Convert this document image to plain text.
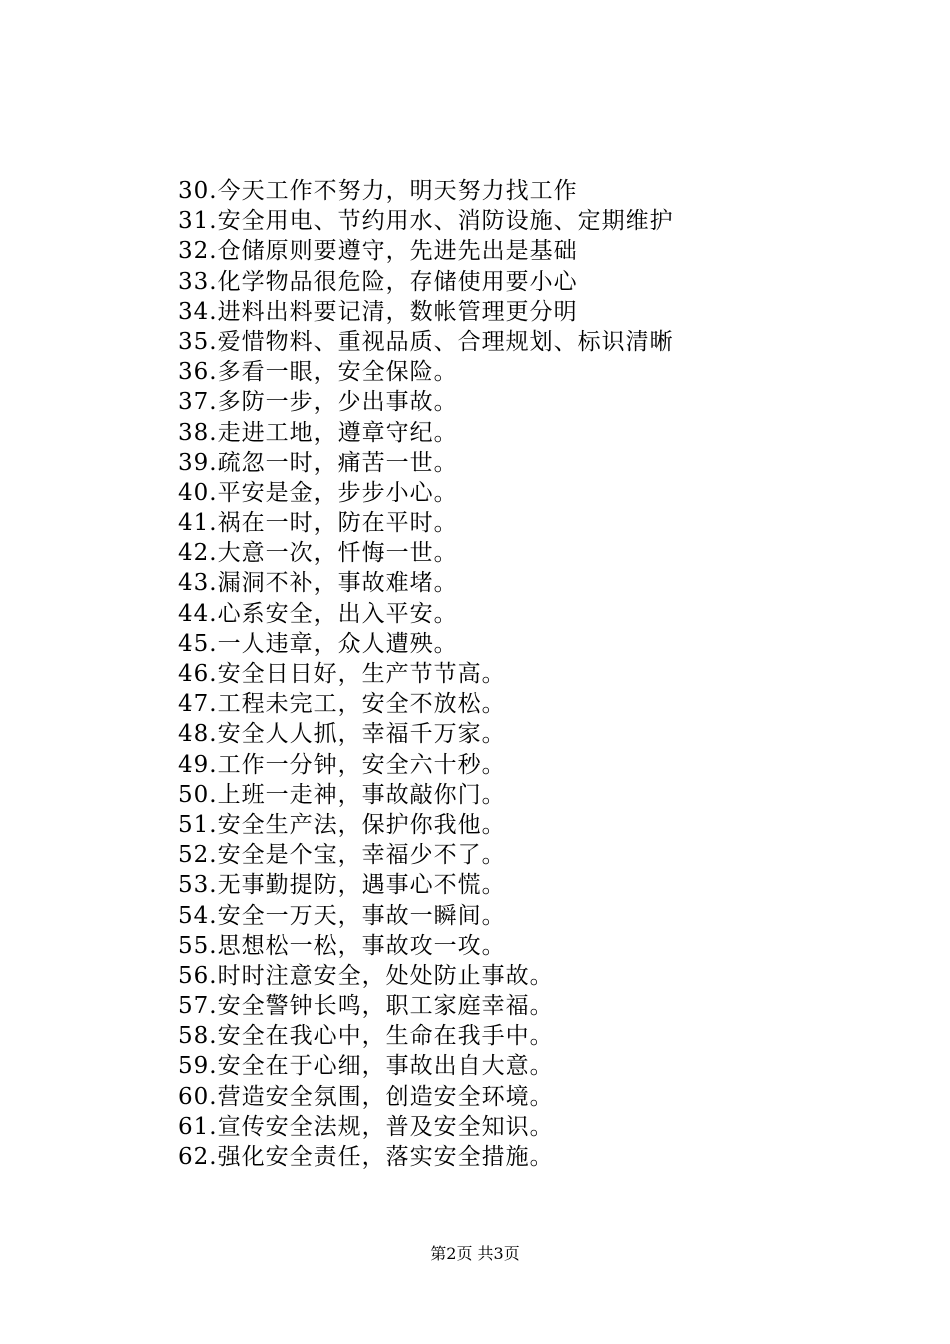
30.今天工作不努力，明天努力找工作
31.安全用电、节约用水、消防设施、定期维护
32.仓储原则要遵守，先进先出是基础
33.化学物品很危险，存储使用要小心
34.进料出料要记清，数帐管理更分明
35.爱惜物料、重视品质、合理规划、标识清晰
36.多看一眼，安全保险。
37.多防一步，少出事故。
38.走进工地，遵章守纪。
39.疏忽一时，痛苦一世。
40.平安是金，步步小心。
41.祸在一时，防在平时。
42.大意一次，忏悔一世。
43.漏洞不补，事故难堵。
44.心系安全，出入平安。
45.一人违章，众人遭殃。
46.安全日日好，生产节节高。
47.工程未完工，安全不放松。
48.安全人人抓，幸福千万家。
49.工作一分钟，安全六十秒。
50.上班一走神，事故敲你门。
51.安全生产法，保护你我他。
52.安全是个宝，幸福少不了。
53.无事勤提防，遇事心不慌。
54.安全一万天，事故一瞬间。
55.思想松一松，事故攻一攻。
56.时时注意安全，处处防止事故。
57.安全警钟长鸣，职工家庭幸福。
58.安全在我心中，生命在我手中。
59.安全在于心细，事故出自大意。
60.营造安全氛围，创造安全环境。
61.宣传安全法规，普及安全知识。
62.强化安全责任，落实安全措施。
第2页 共3页
